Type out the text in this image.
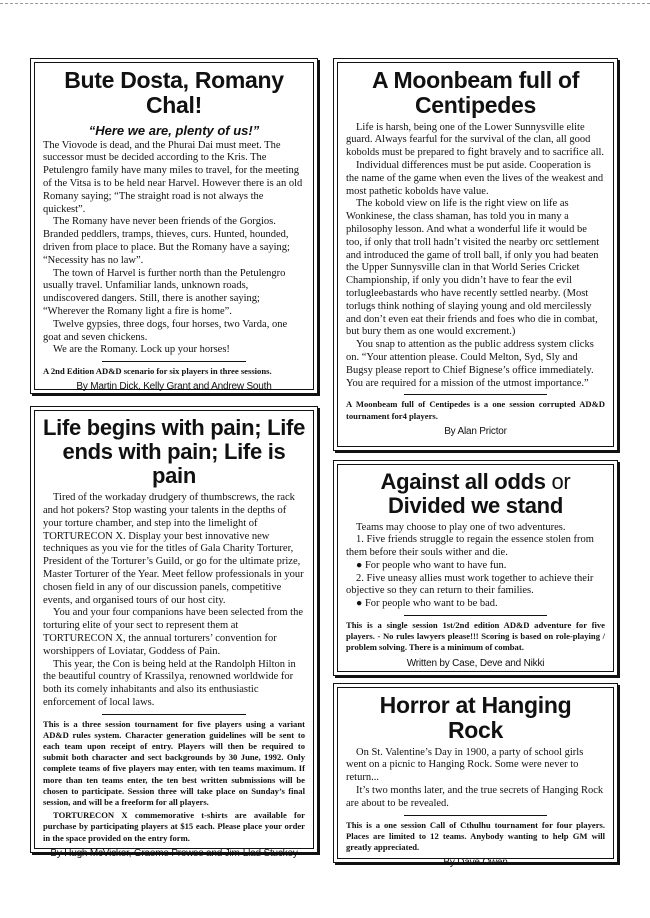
Bute Dosta, Romany
Chal!
“Here we are, plenty of us!”

The Viovode is dead, and the Phurai Dai must meet. The successor must be decided according to the Kris. The Petulengro family have many miles to travel, for the meeting of the Vitsa is to be held near Harvel. However there is an old Romany saying; “The straight road is not always the quickest”.

The Romany have never been friends of the Gorgios. Branded peddlers, tramps, thieves, curs. Hunted, hounded, driven from place to place. But the Romany have a saying; “Necessity has no law”.

The town of Harvel is further north than the Petulengro usually travel. Unfamiliar lands, unknown roads, undiscovered dangers. Still, there is another saying; “Wherever the Romany light a fire is home”.

Twelve gypsies, three dogs, four horses, two Varda, one goat and seven chickens.

We are the Romany. Lock up your horses!

A 2nd Edition AD&D scenario for six players in three sessions.

By Martin Dick, Kelly Grant and Andrew South
A Moonbeam full of
Centipedes

Life is harsh, being one of the Lower Sunnysville elite guard. Always fearful for the survival of the clan, all good kobolds must be prepared to fight bravely and to sacrifice all.

Individual differences must be put aside. Cooperation is the name of the game when even the lives of the weakest and most pathetic kobolds have value.

The kobold view on life is the right view on life as Wonkinese, the class shaman, has told you in many a philosophy lesson. And what a wonderful life it would be too, if only that troll hadn’t visited the nearby orc settlement and introduced the game of troll ball, if only you had beaten the Upper Sunnysville clan in that World Series Cricket Championship, if only you didn’t have to fear the evil torlugleebastards who have recently settled nearby. (Most torlugs think nothing of slaying young and old mercilessly and don’t even eat their friends and foes who die in combat, but bury them as one would excrement.)

You snap to attention as the public address system clicks on. “Your attention please. Could Melton, Syd, Sly and Bugsy please report to Chief Bignese’s office immediately. You are required for a mission of the utmost importance.”

A Moonbeam full of Centipedes is a one session corrupted AD&D tournament for4 players.

By Alan Prictor
Life begins with pain; Life
ends with pain; Life is pain

Tired of the workaday drudgery of thumbscrews, the rack and hot pokers? Stop wasting your talents in the depths of your torture chamber, and step into the limelight of TORTURECON X. Display your best innovative new techniques as you vie for the titles of Gala Charity Torturer, President of the Torturer’s Guild, or go for the ultimate prize, Master Torturer of the Year. Meet fellow professionals in your chosen field in any of our discussion panels, competitive events, and organised tours of our host city.

You and your four companions have been selected from the torturing elite of your sect to represent them at TORTURECON X, the annual torturers’ convention for worshippers of Loviatar, Goddess of Pain.

This year, the Con is being held at the Randolph Hilton in the beautiful country of Krassilya, renowned worldwide for both its comely inhabitants and also its enthusiastic enforcement of local laws.

This is a three session tournament for five players using a variant AD&D rules system. Character generation guidelines will be sent to each team upon receipt of entry. Players will then be required to submit both character and sect backgrounds by 30 June, 1992. Only complete teams of five players may enter, with ten teams maximum. If more than ten teams enter, the ten best written submissions will be chosen to participate. Session three will take place on Sunday’s final session, and will be a freeform for all players.

TORTURECON X commemorative t-shirts are available for purchase by participating players at $15 each. Please place your order in the space provided on the entry form.

By Hugh McVicker, Graeme Prowse and Jim-Llad Stuckey
Against all odds or
Divided we stand

Teams may choose to play one of two adventures.

1. Five friends struggle to regain the essence stolen from them before their souls wither and die.

● For people who want to have fun.

2. Five uneasy allies must work together to achieve their objective so they can return to their families.

● For people who want to be bad.

This is a single session 1st/2nd edition AD&D adventure for five players. - No rules lawyers please!!! Scoring is based on role-playing / problem solving. There is a minimum of combat.

Written by Case, Deve and Nikki
Horror at Hanging
Rock

On St. Valentine’s Day in 1900, a party of school girls went on a picnic to Hanging Rock. Some were never to return...

It’s two months later, and the true secrets of Hanging Rock are about to be revealed.

This is a one session Call of Cthulhu tournament for four players. Places are limited to 12 teams. Anybody wanting to help GM will greatly appreciated.

By Dave Owen
